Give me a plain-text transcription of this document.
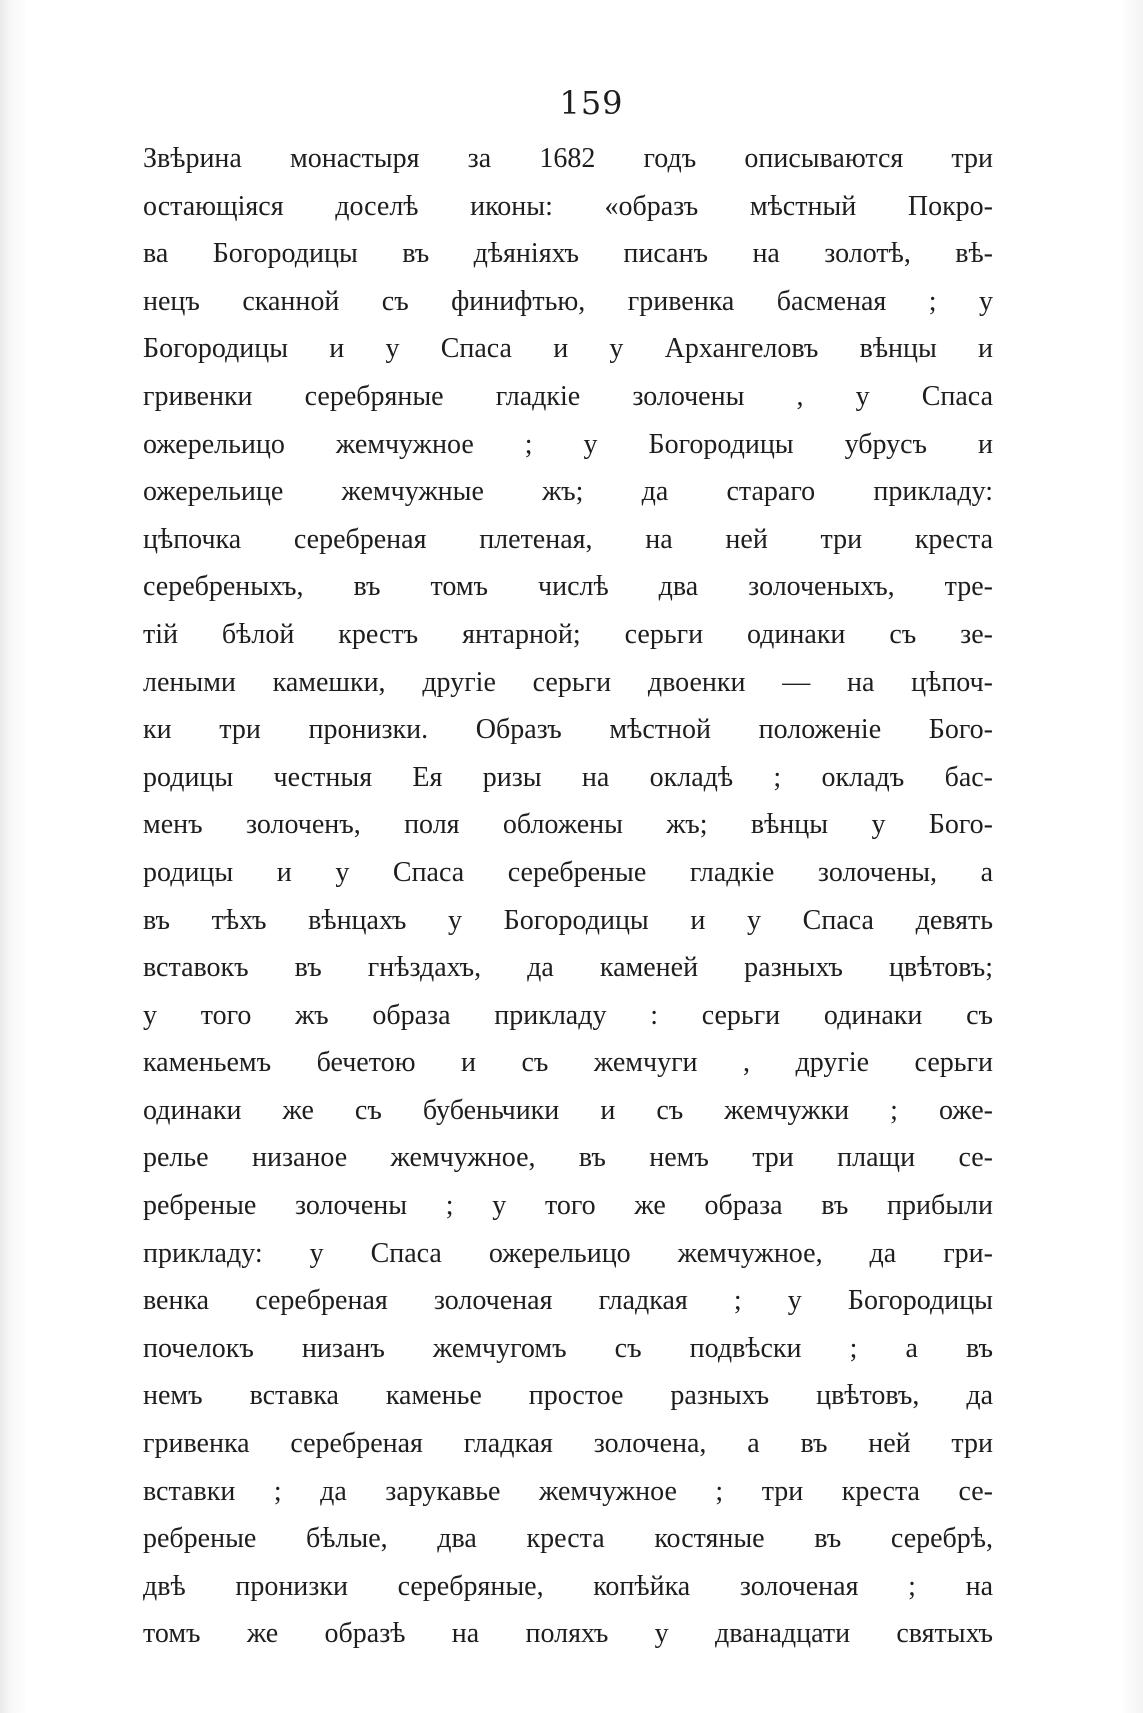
159
Звѣрина монастыря за 1682 годъ описываются три
остающіяся доселѣ иконы: «образъ мѣстный Покро-
ва Богородицы въ дѣяніяхъ писанъ на золотѣ, вѣ-
нецъ сканной съ финифтью, гривенка басменая ; у
Богородицы и у Спаса и у Архангеловъ вѣнцы и
гривенки серебряные гладкіе золочены , у Спаса
ожерельицо жемчужное ; у Богородицы убрусъ и
ожерельице жемчужные жъ; да стараго прикладу:
цѣпочка серебреная плетеная, на ней три креста
серебреныхъ, въ томъ числѣ два золоченыхъ, тре-
тій бѣлой крестъ янтарной; серьги одинаки съ зе-
леными камешки, другіе серьги двоенки — на цѣпоч-
ки три пронизки. Образъ мѣстной положеніе Бого-
родицы честныя Ея ризы на окладѣ ; окладъ бас-
менъ золоченъ, поля обложены жъ; вѣнцы у Бого-
родицы и у Спаса серебреные гладкіе золочены, а
въ тѣхъ вѣнцахъ у Богородицы и у Спаса девять
вставокъ въ гнѣздахъ, да каменей разныхъ цвѣтовъ;
у того жъ образа прикладу : серьги одинаки съ
каменьемъ бечетою и съ жемчуги , другіе серьги
одинаки же съ бубеньчики и съ жемчужки ; оже-
релье низаное жемчужное, въ немъ три плащи се-
ребреные золочены ; у того же образа въ прибыли
прикладу: у Спаса ожерельицо жемчужное, да гри-
венка серебреная золоченая гладкая ; у Богородицы
почелокъ низанъ жемчугомъ съ подвѣски ; а въ
немъ вставка каменье простое разныхъ цвѣтовъ, да
гривенка серебреная гладкая золочена, а въ ней три
вставки ; да зарукавье жемчужное ; три креста се-
ребреные бѣлые, два креста костяные въ серебрѣ,
двѣ пронизки серебряные, копѣйка золоченая ; на
томъ же образѣ на поляхъ у дванадцати святыхъ
